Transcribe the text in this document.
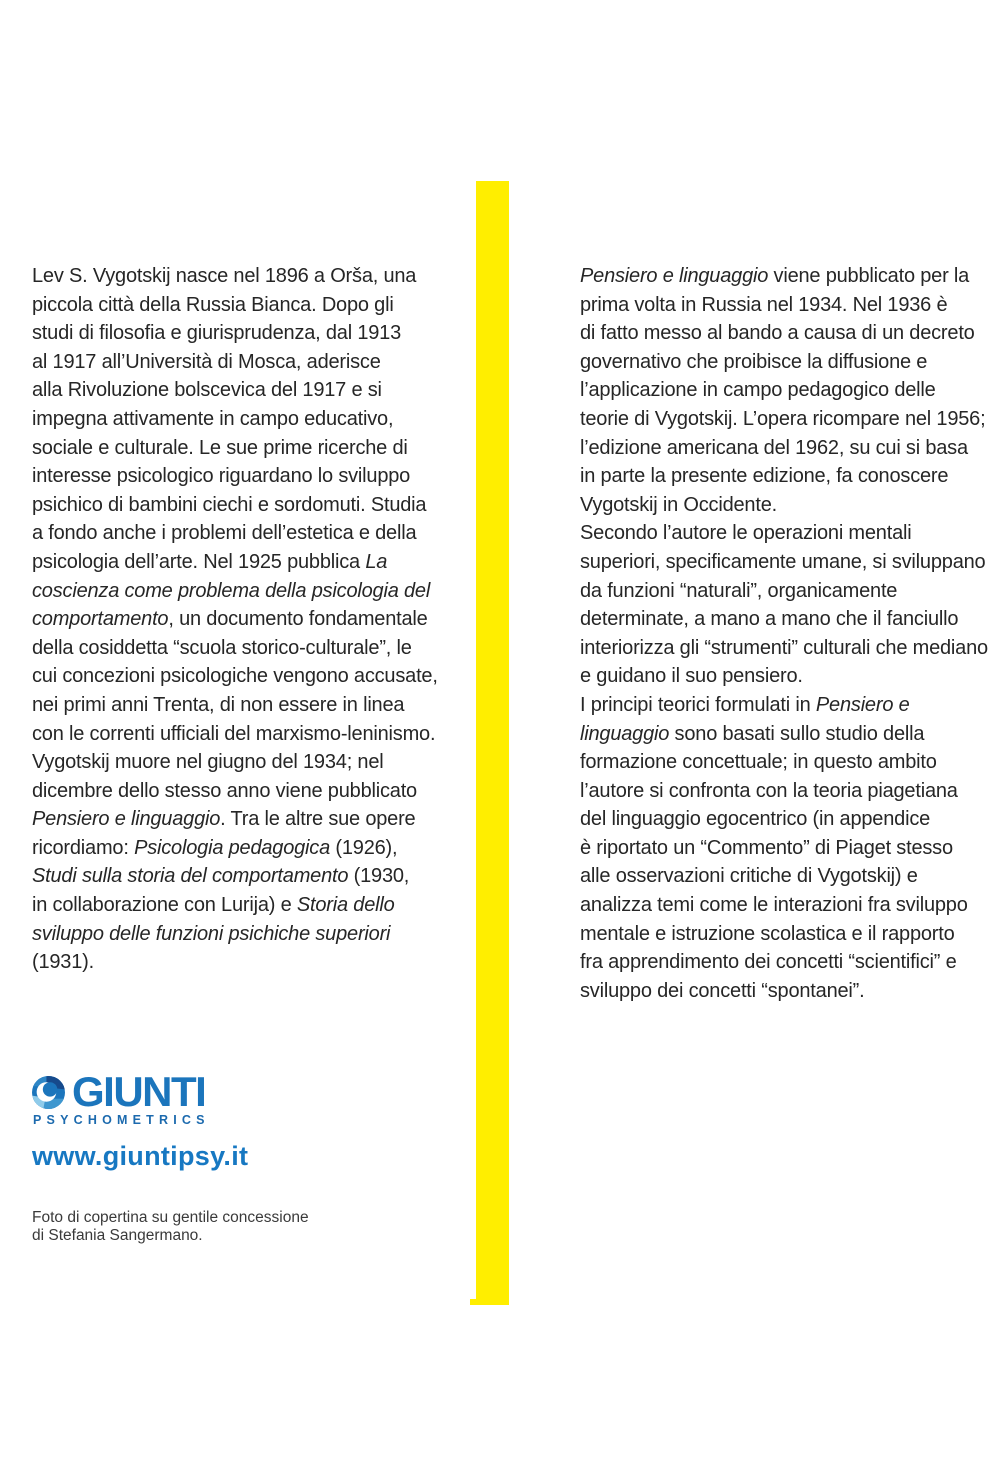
Lev S. Vygotskij nasce nel 1896 a Orša, una
piccola città della Russia Bianca. Dopo gli
studi di filosofia e giurisprudenza, dal 1913
al 1917 all’Università di Mosca, aderisce
alla Rivoluzione bolscevica del 1917 e si
impegna attivamente in campo educativo,
sociale e culturale. Le sue prime ricerche di
interesse psicologico riguardano lo sviluppo
psichico di bambini ciechi e sordomuti. Studia
a fondo anche i problemi dell’estetica e della
psicologia dell’arte. Nel 1925 pubblica La
coscienza come problema della psicologia del
comportamento, un documento fondamentale
della cosiddetta “scuola storico-culturale”, le
cui concezioni psicologiche vengono accusate,
nei primi anni Trenta, di non essere in linea
con le correnti ufficiali del marxismo-leninismo.
Vygotskij muore nel giugno del 1934; nel
dicembre dello stesso anno viene pubblicato
Pensiero e linguaggio. Tra le altre sue opere
ricordiamo: Psicologia pedagogica (1926),
Studi sulla storia del comportamento (1930,
in collaborazione con Lurija) e Storia dello
sviluppo delle funzioni psichiche superiori
(1931).
Pensiero e linguaggio viene pubblicato per la
prima volta in Russia nel 1934. Nel 1936 è
di fatto messo al bando a causa di un decreto
governativo che proibisce la diffusione e
l’applicazione in campo pedagogico delle
teorie di Vygotskij. L’opera ricompare nel 1956;
l’edizione americana del 1962, su cui si basa
in parte la presente edizione, fa conoscere
Vygotskij in Occidente.
Secondo l’autore le operazioni mentali
superiori, specificamente umane, si sviluppano
da funzioni “naturali”, organicamente
determinate, a mano a mano che il fanciullo
interiorizza gli “strumenti” culturali che mediano
e guidano il suo pensiero.
I principi teorici formulati in Pensiero e
linguaggio sono basati sullo studio della
formazione concettuale; in questo ambito
l’autore si confronta con la teoria piagetiana
del linguaggio egocentrico (in appendice
è riportato un “Commento” di Piaget stesso
alle osservazioni critiche di Vygotskij) e
analizza temi come le interazioni fra sviluppo
mentale e istruzione scolastica e il rapporto
fra apprendimento dei concetti “scientifici” e
sviluppo dei concetti “spontanei”.
GIUNTI
PSYCHOMETRICS
www.giuntipsy.it
Foto di copertina su gentile concessione
di Stefania Sangermano.
